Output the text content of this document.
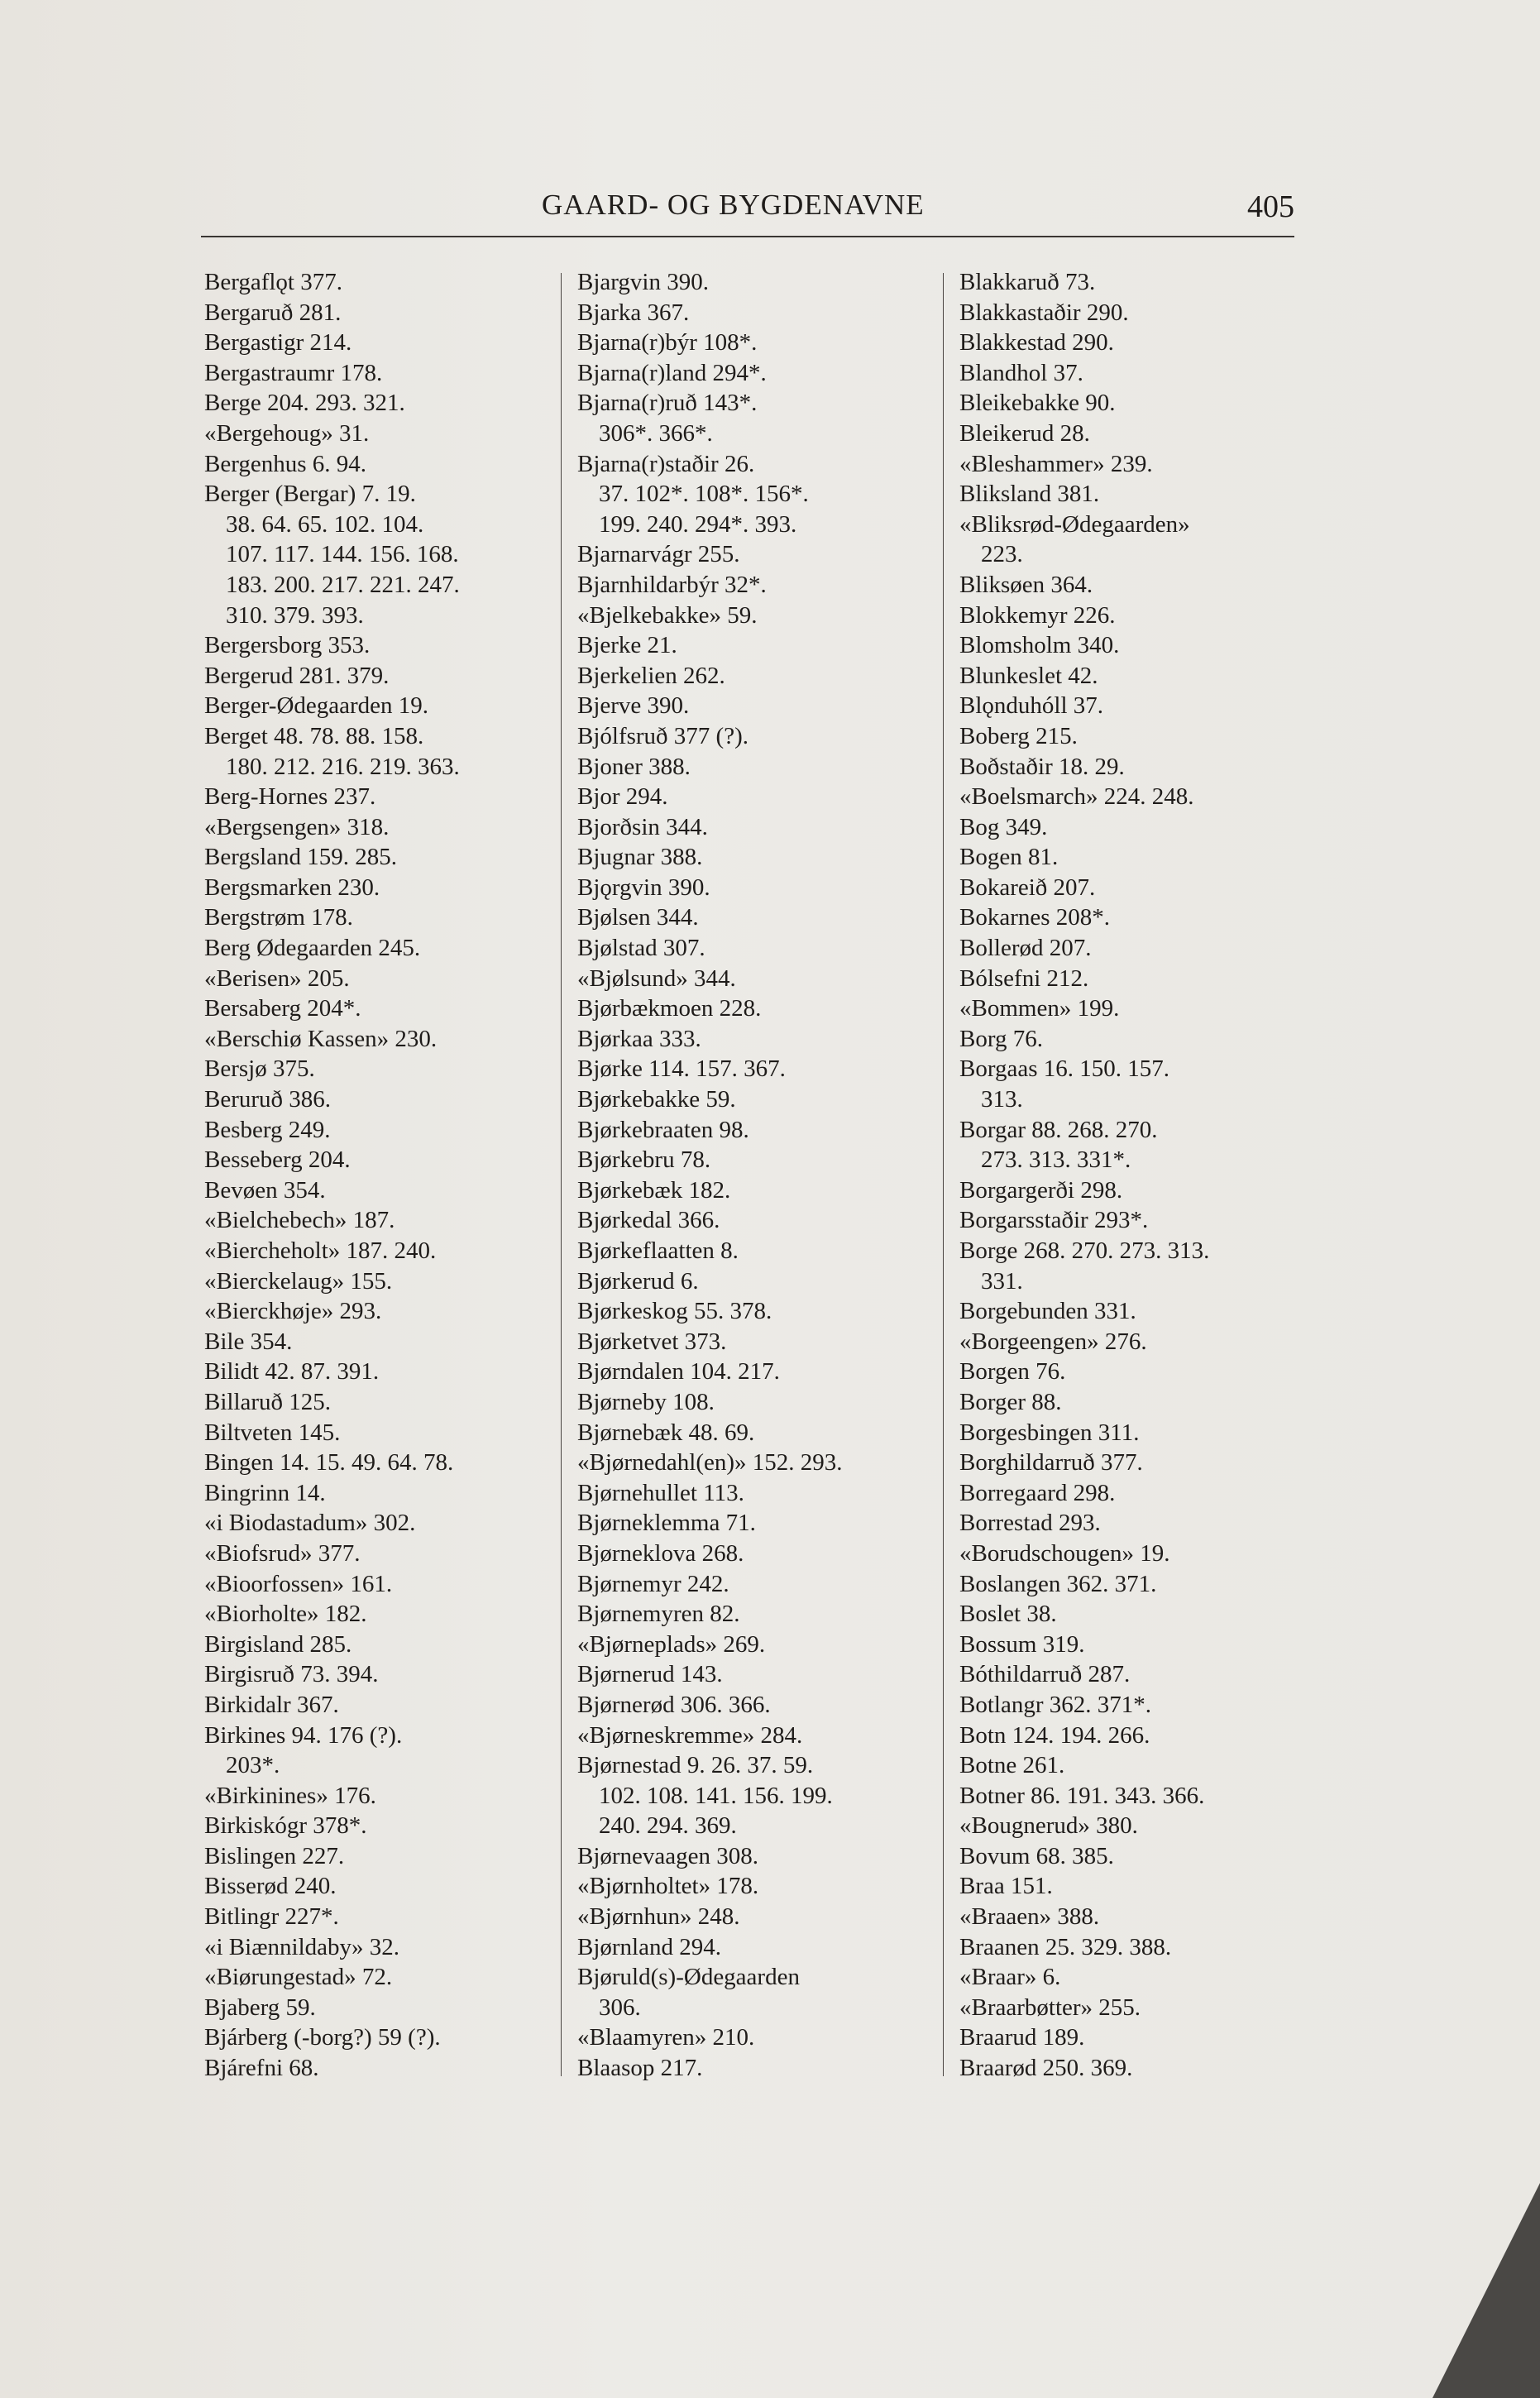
GAARD- OG BYGDENAVNE	405
Bergaflǫt 377.
Bergaruð 281.
Bergastigr 214.
Bergastraumr 178.
Berge 204. 293. 321.
«Bergehoug» 31.
Bergenhus 6. 94.
Berger (Bergar) 7. 19.
38. 64. 65. 102. 104.
107. 117. 144. 156. 168.
183. 200. 217. 221. 247.
310. 379. 393.
Bergersborg 353.
Bergerud 281. 379.
Berger-Ødegaarden 19.
Berget 48. 78. 88. 158.
180. 212. 216. 219. 363.
Berg-Hornes 237.
«Bergsengen» 318.
Bergsland 159. 285.
Bergsmarken 230.
Bergstrøm 178.
Berg Ødegaarden 245.
«Berisen» 205.
Bersaberg 204*.
«Berschiø Kassen» 230.
Bersjø 375.
Beruruð 386.
Besberg 249.
Besseberg 204.
Bevøen 354.
«Bielchebech» 187.
«Biercheholt» 187. 240.
«Bierckelaug» 155.
«Bierckhøje» 293.
Bile 354.
Bilidt 42. 87. 391.
Billaruð 125.
Biltveten 145.
Bingen 14. 15. 49. 64. 78.
Bingrinn 14.
«i Biodastadum» 302.
«Biofsrud» 377.
«Bioorfossen» 161.
«Biorholte» 182.
Birgisland 285.
Birgisruð 73. 394.
Birkidalr 367.
Birkines 94. 176 (?).
203*.
«Birkinines» 176.
Birkiskógr 378*.
Bislingen 227.
Bisserød 240.
Bitlingr 227*.
«i Biænnildaby» 32.
«Biørungestad» 72.
Bjaberg 59.
Bjárberg (-borg?) 59 (?).
Bjárefni 68.
Bjargvin 390.
Bjarka 367.
Bjarna(r)býr 108*.
Bjarna(r)land 294*.
Bjarna(r)ruð 143*.
306*. 366*.
Bjarna(r)staðir 26.
37. 102*. 108*. 156*.
199. 240. 294*. 393.
Bjarnarvágr 255.
Bjarnhildarbýr 32*.
«Bjelkebakke» 59.
Bjerke 21.
Bjerkelien 262.
Bjerve 390.
Bjólfsruð 377 (?).
Bjoner 388.
Bjor 294.
Bjorðsin 344.
Bjugnar 388.
Bjǫrgvin 390.
Bjølsen 344.
Bjølstad 307.
«Bjølsund» 344.
Bjørbækmoen 228.
Bjørkaa 333.
Bjørke 114. 157. 367.
Bjørkebakke 59.
Bjørkebraaten 98.
Bjørkebru 78.
Bjørkebæk 182.
Bjørkedal 366.
Bjørkeflaatten 8.
Bjørkerud 6.
Bjørkeskog 55. 378.
Bjørketvet 373.
Bjørndalen 104. 217.
Bjørneby 108.
Bjørnebæk 48. 69.
«Bjørnedahl(en)» 152. 293.
Bjørnehullet 113.
Bjørneklemma 71.
Bjørneklova 268.
Bjørnemyr 242.
Bjørnemyren 82.
«Bjørneplads» 269.
Bjørnerud 143.
Bjørnerød 306. 366.
«Bjørneskremme» 284.
Bjørnestad 9. 26. 37. 59.
102. 108. 141. 156. 199.
240. 294. 369.
Bjørnevaagen 308.
«Bjørnholtet» 178.
«Bjørnhun» 248.
Bjørnland 294.
Bjøruld(s)-Ødegaarden
306.
«Blaamyren» 210.
Blaasop 217.
Blakkaruð 73.
Blakkastaðir 290.
Blakkestad 290.
Blandhol 37.
Bleikebakke 90.
Bleikerud 28.
«Bleshammer» 239.
Bliksland 381.
«Bliksrød-Ødegaarden»
223.
Bliksøen 364.
Blokkemyr 226.
Blomsholm 340.
Blunkeslet 42.
Blǫnduhóll 37.
Boberg 215.
Boðstaðir 18. 29.
«Boelsmarch» 224. 248.
Bog 349.
Bogen 81.
Bokareið 207.
Bokarnes 208*.
Bollerød 207.
Bólsefni 212.
«Bommen» 199.
Borg 76.
Borgaas 16. 150. 157.
313.
Borgar 88. 268. 270.
273. 313. 331*.
Borgargerði 298.
Borgarsstaðir 293*.
Borge 268. 270. 273. 313.
331.
Borgebunden 331.
«Borgeengen» 276.
Borgen 76.
Borger 88.
Borgesbingen 311.
Borghildarruð 377.
Borregaard 298.
Borrestad 293.
«Borudschougen» 19.
Boslangen 362. 371.
Boslet 38.
Bossum 319.
Bóthildarruð 287.
Botlangr 362. 371*.
Botn 124. 194. 266.
Botne 261.
Botner 86. 191. 343. 366.
«Bougnerud» 380.
Bovum 68. 385.
Braa 151.
«Braaen» 388.
Braanen 25. 329. 388.
«Braar» 6.
«Braarbøtter» 255.
Braarud 189.
Braarød 250. 369.
